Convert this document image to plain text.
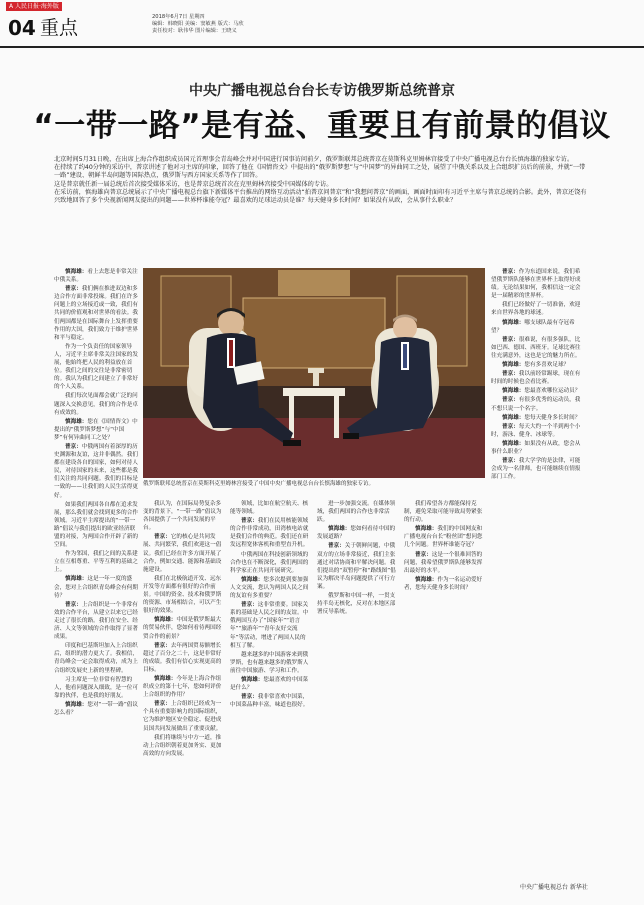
A 人民日报·海外版
04 重点	2018年6月7日 星期四
编辑：韩晓阳 美编：窦敏燕 版式：马欣
责任校对：耿伟华 图片编辑：王晓义
中央广播电视总台台长专访俄罗斯总统普京
“一带一路”是有益、重要且有前景的倡议

北京时间5月31日晚，在出席上海合作组织成员国元首理事会青岛峰会并对中国进行国事访问前夕，俄罗斯联邦总统普京在莫斯科克里姆林宫接受了中央广播电视总台台长慎海雄的独家专访。

在持续了约40分钟的采访中，普京讲述了他对习主席的印象，回答了他在《国情咨文》中提出的“俄罗斯梦想”与“中国梦”的异曲同工之处，展望了中俄关系以及上合组织扩员后的前景，并就“一带一路”建设、朝鲜半岛问题等国际热点，俄罗斯与西方国家关系等作了回答。

这是普京就任新一届总统后首次接受媒体采访，也是普京总统首次在克里姆林宫接受中国媒体的专访。

在采访前，慎海雄向普京总统展示了中央广播电视总台旗下新媒体平台推出的网络互动活动“拍普京问普京”和“我想问普京”的画面，画面时面印有习近平主席与普京总统的合影。此外，普京还饶有兴致地回答了多个央视新闻网友提出的问题——世界杯谁能夺冠？最喜欢的足球运动员是谁？每天健身多长时间？如果没有从政，会从事什么职业？

慎海雄：看上去您是非常关注中俄关系。

普京：我们俩在推进双边和多边合作方面非常投缘。我们在许多问题上的立场接近或一致，我们有共同的价值观和对世界的看法。我们两国都是在国际舞台上发挥重要作用的大国，我们致力于维护世界和平与稳定。

作为一个负责任的国家领导人，习近平主席非常关注国家的发展，他始终把人民的利益放在首位。我们之间的交往是非常密切的。我认为我们之间建立了非常好的个人关系。

我们每次见面都会就广泛的问题深入交换意见，我们的合作是卓有成效的。

慎海雄：您在《国情咨文》中提出的“俄罗斯梦想”与“中国梦”有何异曲同工之处？

普京：中俄两国有着深厚的历史渊源和友谊，这并非偶然。我们都在建设各自的国家，如何对待人民，对待国家的未来，这些都是我们关注的共同问题。我们的目标是一致的——让我们的人民生活得更好。

如果我们两国各自都在追求发展，那么我们就会找到更多的合作领域。习近平主席提出的“一带一路”倡议与我们提出的欧亚经济联盟的对接，为两国合作开辟了新的空间。

作为邻国，我们之间的关系建立在互相尊重、平等互利的基础之上。

慎海雄：这是一年一度的盛会，您对上合组织青岛峰会有何期待？

普京：上合组织是一个非常有效的合作平台，从建立以来它已经走过了很长的路。我们在安全、经济、人文等领域的合作取得了显著成果。

印度和巴基斯坦加入上合组织后，组织的潜力更大了。我相信，青岛峰会一定会取得成功，成为上合组织发展史上新的里程碑。

习主席是一位非常有智慧的人，他看问题深入细致，是一位可靠的伙伴，也是我的好朋友。

慎海雄：您对“一带一路”倡议怎么看？

普京：作为东道国来说，我们希望俄罗斯队能够在世界杯上取得好成绩。无论结果如何，我相信这一定会是一届精彩的世界杯。

我们已经做好了一切准备，欢迎来自世界各地的球迷。

慎海雄：哪支球队最有夺冠希望？

普京：很难说，有很多强队，比如巴西、德国、西班牙。足球比赛往往充满意外，这也是它的魅力所在。

慎海雄：您有多喜欢足球？

普京：我以前经常踢球，现在有时间的时候也会看比赛。

慎海雄：您最喜欢哪位运动员？

普京：有很多优秀的运动员，我不想只说一个名字。

慎海雄：您每天健身多长时间？

普京：每天大约一个半到两个小时，游泳、健身、冰球等。

慎海雄：如果没有从政，您会从事什么职业？

普京：我大学学的是法律，可能会成为一名律师，也可能继续在情报部门工作。

俄罗斯联邦总统普京在莫斯科克里姆林宫接受了中国中央广播电视总台台长慎海雄的独家专访。

我认为，在国际局势复杂多变的背景下，“一带一路”倡议为各国提供了一个共同发展的平台。

普京：它的核心是共同发展、共同繁荣，我们欢迎这一倡议。我们已经在许多方面开展了合作，例如交通、能源和基础设施建设。

我们在北极航道开发、远东开发等方面都有很好的合作前景。中国的资金、技术和俄罗斯的资源、市场相结合，可以产生很好的效果。

慎海雄：中国是俄罗斯最大的贸易伙伴，您如何看待两国经贸合作的前景？

普京：去年两国贸易额增长超过了百分之二十，这是非常好的成绩。我们有信心实现更高的目标。

慎海雄：今年是上海合作组织成立的第十七年，您如何评价上合组织的作用？

普京：上合组织已经成为一个具有重要影响力的国际组织，它为维护地区安全稳定、促进成员国共同发展做出了重要贡献。

我们将继续与中方一道，推动上合组织朝着更加务实、更加高效的方向发展。

领域，比如在航空航天、核能等领域。

普京：我们在民用核能领域的合作非常成功，田湾核电站就是我们合作的典范。我们还在研发远程宽体客机和重型直升机。

中俄两国在科技创新领域的合作也在不断深化，我们两国的科学家正在共同开展研究。

慎海雄：您多次提到要加强人文交流，您认为两国人民之间的友谊有多重要？

普京：这非常重要。国家关系的基础是人民之间的友谊。中俄两国互办了“国家年”“语言年”“旅游年”“青年友好交流年”等活动，增进了两国人民的相互了解。

越来越多的中国游客来到俄罗斯，也有越来越多的俄罗斯人前往中国旅游、学习和工作。

慎海雄：您最喜欢的中国菜是什么？

普京：我非常喜欢中国菜，中国菜品种丰富，味道也很好。

进一步加强交流。在媒体领域，我们两国的合作也非常活跃。

慎海雄：您如何看待中国的发展道路？

普京：关于朝鲜问题，中俄双方的立场非常接近，我们主张通过对话协商和平解决问题。我们提出的“双暂停”和“路线图”倡议为解决半岛问题提供了可行方案。

俄罗斯和中国一样，一贯支持半岛无核化，反对在本地区部署反导系统。

我们希望各方都能保持克制，避免采取可能导致局势紧张的行动。

慎海雄：我们的中国网友和广播电视台台长“粉丝团”想问您几个问题。世界杯谁能夺冠？

普京：这是一个很难回答的问题，我希望俄罗斯队能够发挥出最好的水平。

慎海雄：作为一名运动爱好者，您每天健身多长时间？

中央广播电视总台 新华社
